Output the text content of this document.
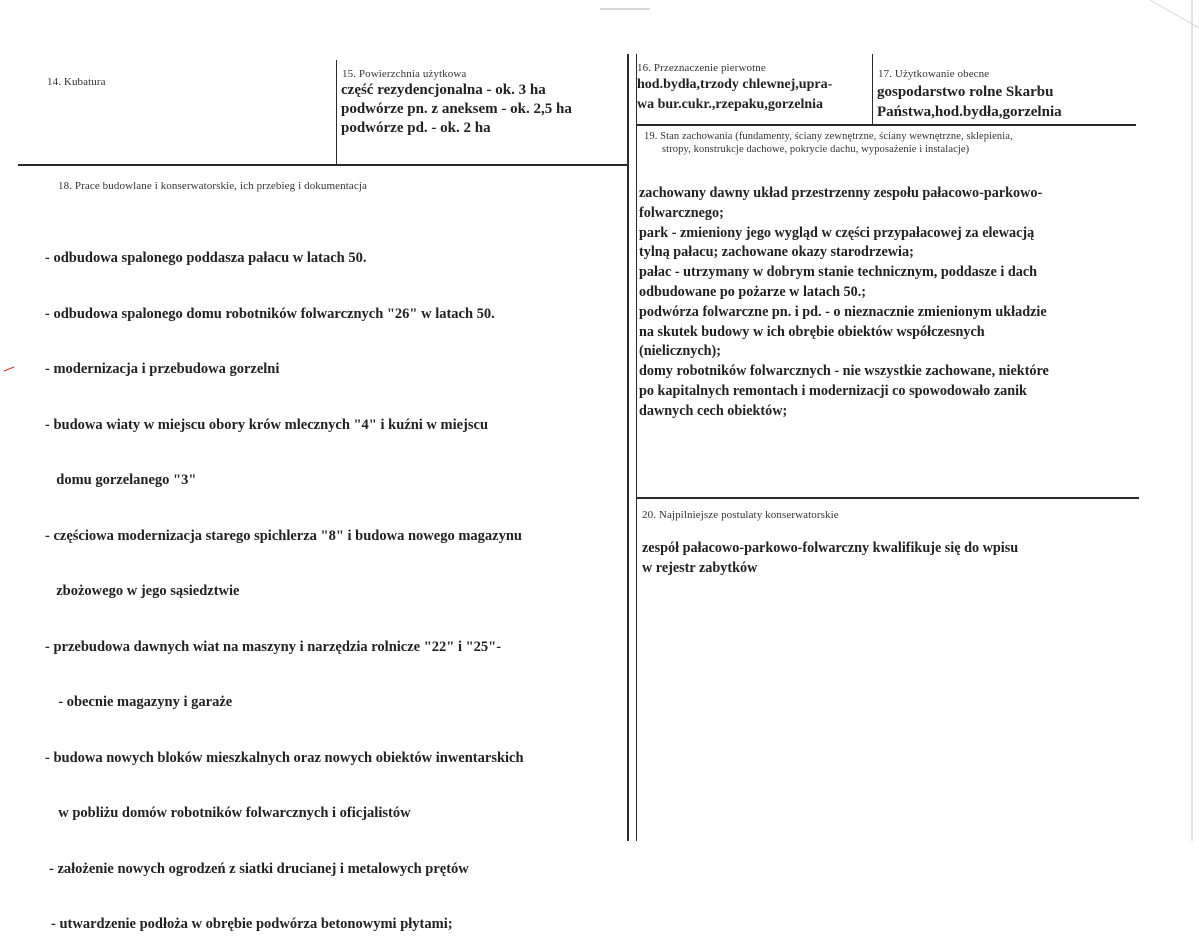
14. Kubatura
15. Powierzchnia użytkowa
część rezydencjonalna - ok. 3 ha
podwórze pn. z aneksem - ok. 2,5 ha
podwórze pd. - ok. 2 ha
16. Przeznaczenie pierwotne
hod.bydła,trzody chlewnej,upra-
wa bur.cukr.,rzepaku,gorzelnia
17. Użytkowanie obecne
gospodarstwo rolne Skarbu
Państwa,hod.bydła,gorzelnia
18. Prace budowlane i konserwatorskie, ich przebieg i dokumentacja

- odbudowa spalonego poddasza pałacu w latach 50.

- odbudowa spalonego domu robotników folwarcznych "26" w latach 50.

- modernizacja i przebudowa gorzelni

- budowa wiaty w miejscu obory krów mlecznych "4" i kuźni w miejscu

domu gorzelanego "3"

- częściowa modernizacja starego spichlerza "8" i budowa nowego magazynu

zbożowego w jego sąsiedztwie

- przebudowa dawnych wiat na maszyny i narzędzia rolnicze "22" i "25"-

- obecnie magazyny i garaże

- budowa nowych bloków mieszkalnych oraz nowych obiektów inwentarskich

w pobliżu domów robotników folwarcznych i oficjalistów

- założenie nowych ogrodzeń z siatki drucianej i metalowych prętów

- utwardzenie podłoża w obrębie podwórza betonowymi płytami;

19. Stan zachowania (fundamenty, ściany zewnętrzne, ściany wewnętrzne, sklepienia,
stropy, konstrukcje dachowe, pokrycie dachu, wyposażenie i instalacje)
zachowany dawny układ przestrzenny zespołu pałacowo-parkowo-
folwarcznego;
park - zmieniony jego wygląd w części przypałacowej za elewacją
tylną pałacu; zachowane okazy starodrzewia;
pałac - utrzymany w dobrym stanie technicznym, poddasze i dach
odbudowane po pożarze w latach 50.;
podwórza folwarczne pn. i pd. - o nieznacznie zmienionym układzie
na skutek budowy w ich obrębie obiektów współczesnych
(nielicznych);
domy robotników folwarcznych - nie wszystkie zachowane, niektóre
po kapitalnych remontach i modernizacji co spowodowało zanik
dawnych cech obiektów;
20. Najpilniejsze postulaty konserwatorskie
zespół pałacowo-parkowo-folwarczny kwalifikuje się do wpisu
w rejestr zabytków
